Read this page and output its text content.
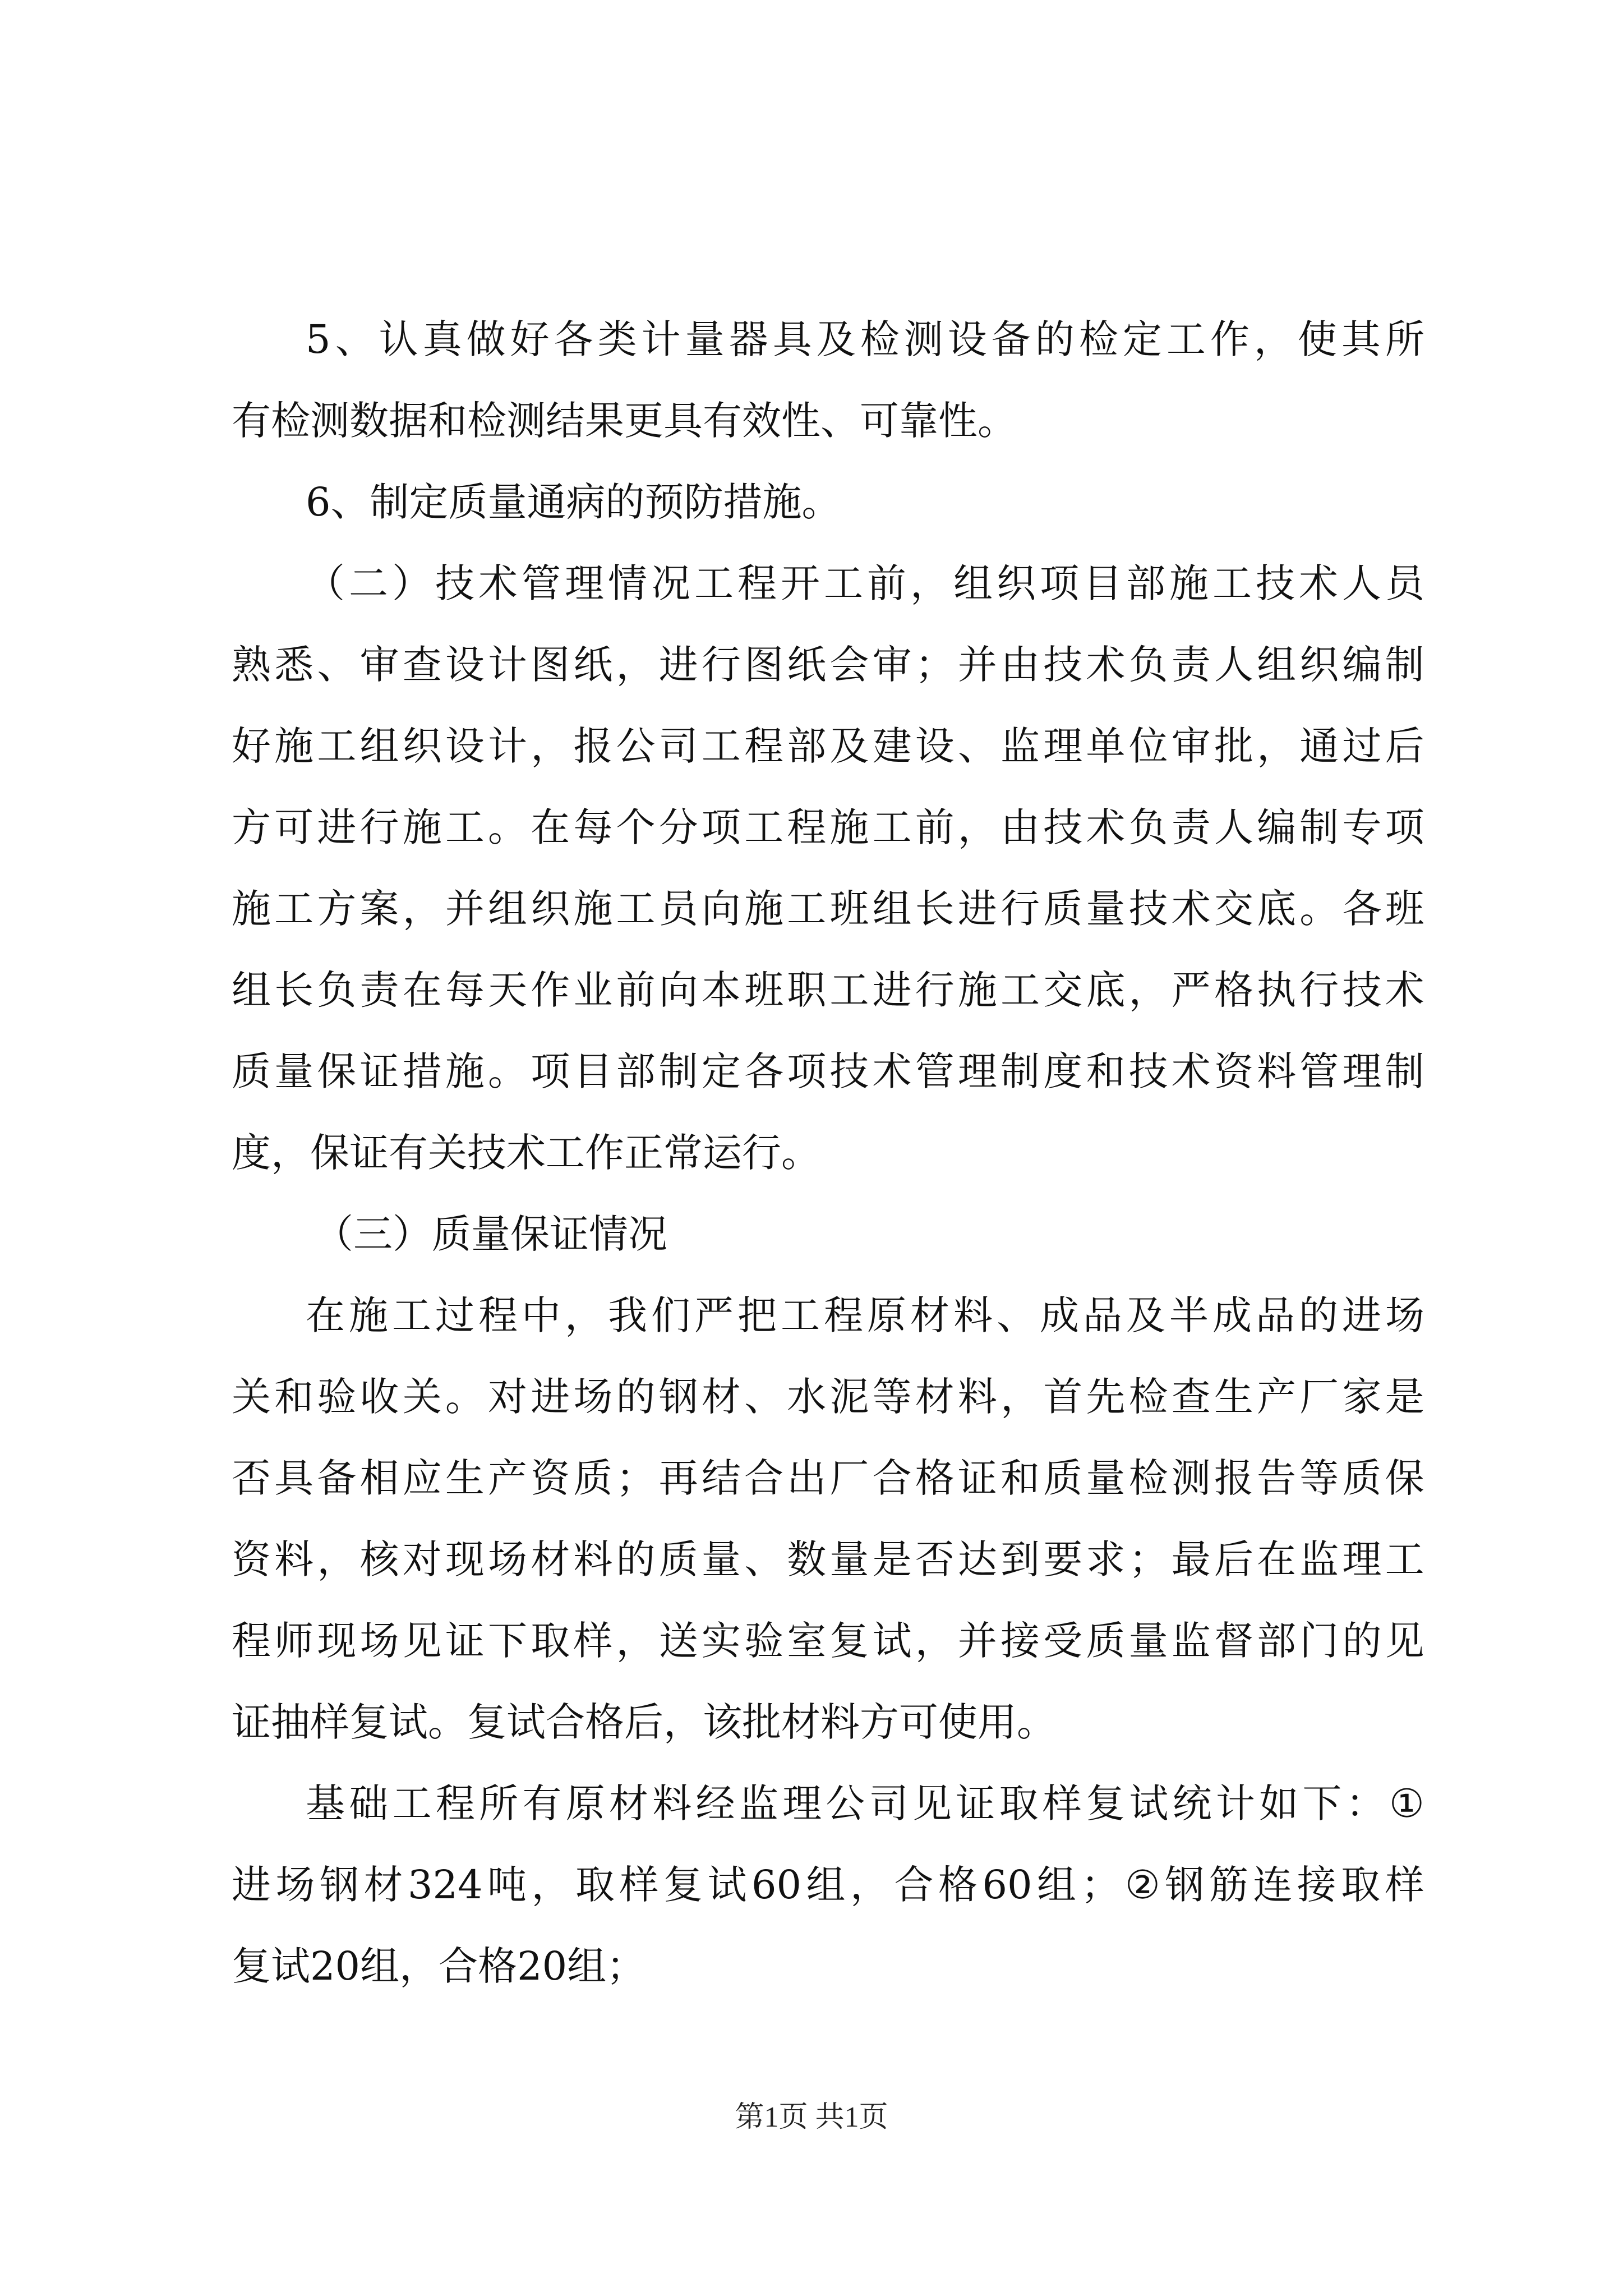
5 、 认 真 做 好 各 类 计 量 器 具 及 检 测 设 备 的 检 定 工 作 ， 使 其 所
有检测数据和检测结果更具有效性、可靠性。
6、制定质量通病的预防措施。
（ 二 ） 技 术 管 理 情 况 工 程 开 工 前 ， 组 织 项 目 部 施 工 技 术 人 员
熟 悉 、 审 查 设 计 图 纸 ， 进 行 图 纸 会 审 ； 并 由 技 术 负 责 人 组 织 编 制
好 施 工 组 织 设 计 ， 报 公 司 工 程 部 及 建 设 、 监 理 单 位 审 批 ， 通 过 后
方 可 进 行 施 工 。 在 每 个 分 项 工 程 施 工 前 ， 由 技 术 负 责 人 编 制 专 项
施 工 方 案 ， 并 组 织 施 工 员 向 施 工 班 组 长 进 行 质 量 技 术 交 底 。 各 班
组 长 负 责 在 每 天 作 业 前 向 本 班 职 工 进 行 施 工 交 底 ， 严 格 执 行 技 术
质 量 保 证 措 施 。 项 目 部 制 定 各 项 技 术 管 理 制 度 和 技 术 资 料 管 理 制
度，保证有关技术工作正常运行。
（三）质量保证情况
在 施 工 过 程 中 ， 我 们 严 把 工 程 原 材 料 、 成 品 及 半 成 品 的 进 场
关 和 验 收 关 。 对 进 场 的 钢 材 、 水 泥 等 材 料 ， 首 先 检 查 生 产 厂 家 是
否 具 备 相 应 生 产 资 质 ； 再 结 合 出 厂 合 格 证 和 质 量 检 测 报 告 等 质 保
资 料 ， 核 对 现 场 材 料 的 质 量 、 数 量 是 否 达 到 要 求 ； 最 后 在 监 理 工
程 师 现 场 见 证 下 取 样 ， 送 实 验 室 复 试 ， 并 接 受 质 量 监 督 部 门 的 见
证抽样复试。复试合格后，该批材料方可使用。
基 础 工 程 所 有 原 材 料 经 监 理 公 司 见 证 取 样 复 试 统 计 如 下 ： ①
进 场 钢 材 324 吨 ， 取 样 复 试 60 组 ， 合 格 60 组 ； ② 钢 筋 连 接 取 样
复试20组，合格20组；
第1页 共1页
